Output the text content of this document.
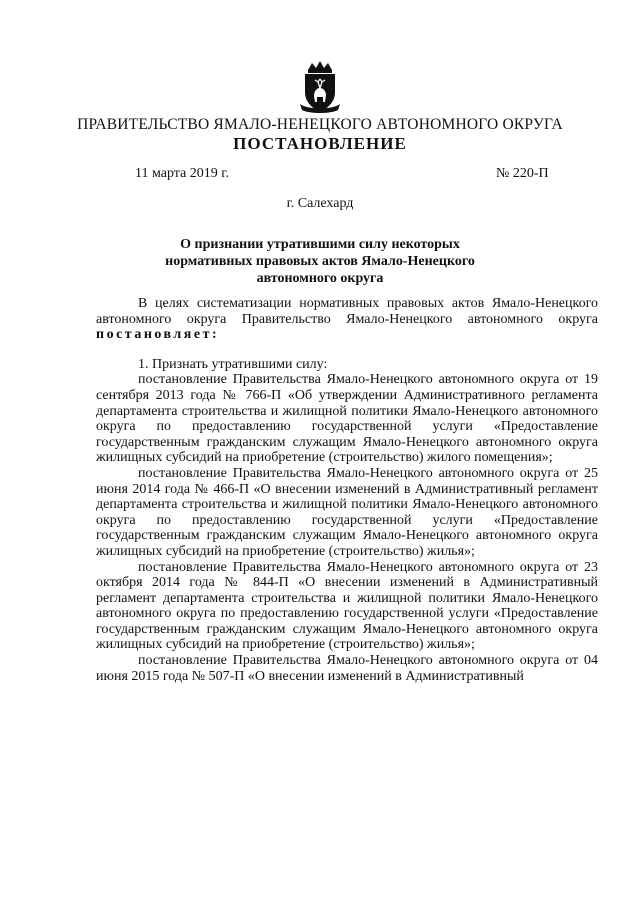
ПРАВИТЕЛЬСТВО ЯМАЛО-НЕНЕЦКОГО АВТОНОМНОГО ОКРУГА
ПОСТАНОВЛЕНИЕ
11 марта 2019 г.	№ 220-П
г. Салехард
О признании утратившими силу некоторых нормативных правовых актов Ямало-Ненецкого автономного округа

В целях систематизации нормативных правовых актов Ямало-Ненецкого автономного округа Правительство Ямало-Ненецкого автономного округа постановляет:

1. Признать утратившими силу:

постановление Правительства Ямало-Ненецкого автономного округа от 19 сентября 2013 года № 766-П «Об утверждении Административного регламента департамента строительства и жилищной политики Ямало-Ненецкого автономного округа по предоставлению государственной услуги «Предоставление государственным гражданским служащим Ямало-Ненецкого автономного округа жилищных субсидий на приобретение (строительство) жилого помещения»;

постановление Правительства Ямало-Ненецкого автономного округа от 25 июня 2014 года № 466-П «О внесении изменений в Административный регламент департамента строительства и жилищной политики Ямало-Ненецкого автономного округа по предоставлению государственной услуги «Предоставление государственным гражданским служащим Ямало-Ненецкого автономного округа жилищных субсидий на приобретение (строительство) жилья»;

постановление Правительства Ямало-Ненецкого автономного округа от 23 октября 2014 года № 844-П «О внесении изменений в Административный регламент департамента строительства и жилищной политики Ямало-Ненецкого автономного округа по предоставлению государственной услуги «Предоставление государственным гражданским служащим Ямало-Ненецкого автономного округа жилищных субсидий на приобретение (строительство) жилья»;

постановление Правительства Ямало-Ненецкого автономного округа от 04 июня 2015 года № 507-П «О внесении изменений в Административный
